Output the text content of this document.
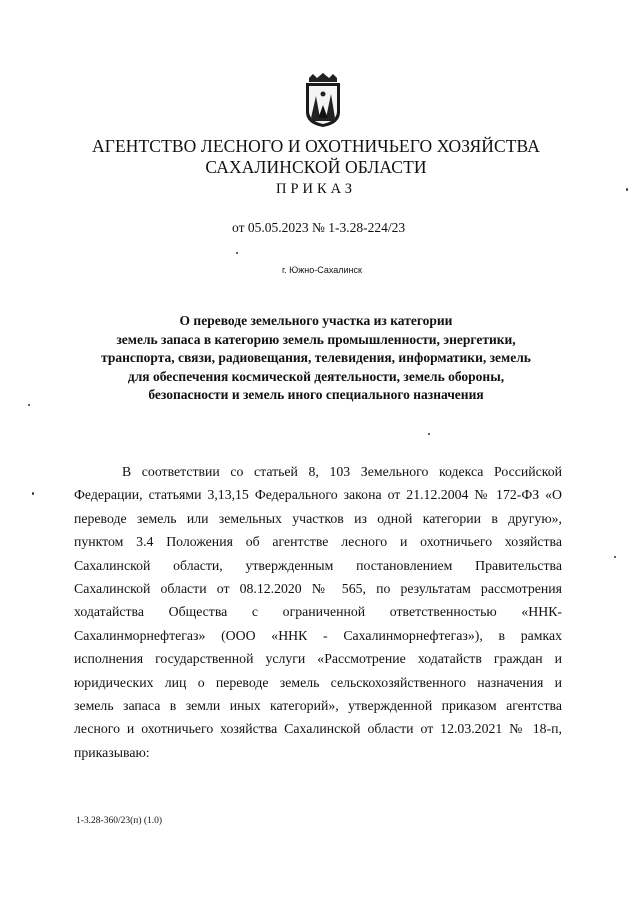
АГЕНТСТВО ЛЕСНОГО И ОХОТНИЧЬЕГО ХОЗЯЙСТВА
САХАЛИНСКОЙ ОБЛАСТИ
ПРИКАЗ
от 05.05.2023 № 1-3.28-224/23
г. Южно-Сахалинск
О переводе земельного участка из категории
земель запаса в категорию земель промышленности, энергетики,
транспорта, связи, радиовещания, телевидения, информатики, земель
для обеспечения космической деятельности, земель обороны,
безопасности и земель иного специального назначения
В соответствии со статьей 8, 103 Земельного кодекса Российской
Федерации, статьями 3,13,15 Федерального закона от 21.12.2004 № 172-ФЗ «О
переводе земель или земельных участков из одной категории в другую»,
пунктом 3.4 Положения об агентстве лесного и охотничьего хозяйства
Сахалинской области, утвержденным постановлением Правительства
Сахалинской области от 08.12.2020 № 565, по результатам рассмотрения
ходатайства Общества с ограниченной ответственностью «ННК-
Сахалинморнефтегаз» (ООО «ННК - Сахалинморнефтегаз»), в рамках
исполнения государственной услуги «Рассмотрение ходатайств граждан и
юридических лиц о переводе земель сельскохозяйственного назначения и
земель запаса в земли иных категорий», утвержденной приказом агентства
лесного и охотничьего хозяйства Сахалинской области от 12.03.2021 № 18-п,
приказываю:
1-3.28-360/23(п) (1.0)
